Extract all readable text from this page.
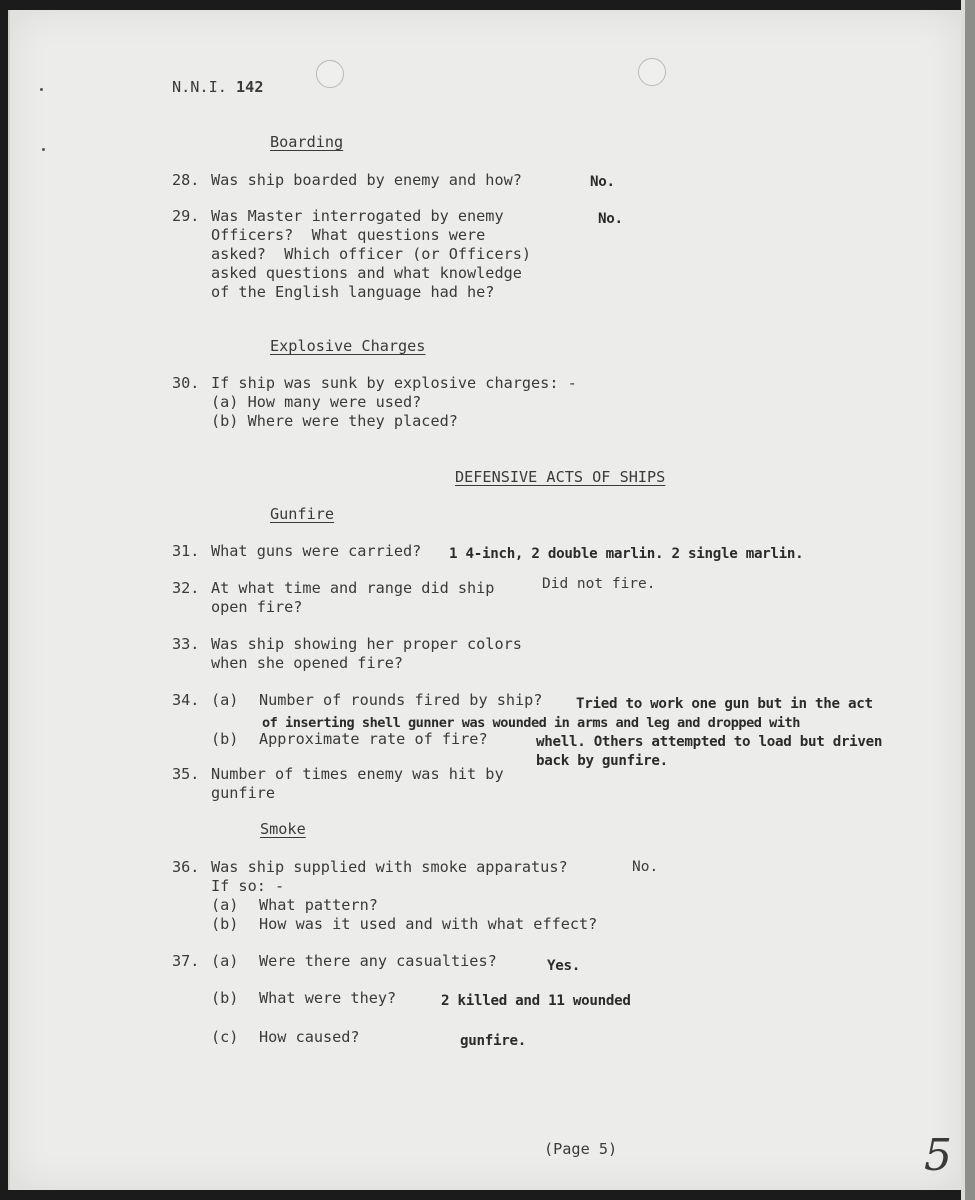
N.N.I. 142
Boarding
28. Was ship boarded by enemy and how?	No.
29. Was Master interrogated by enemy
Officers?  What questions were
asked?  Which officer (or Officers)
asked questions and what knowledge
of the English language had he?
No.
Explosive Charges
30. If ship was sunk by explosive charges: -
(a) How many were used?
(b) Where were they placed?
DEFENSIVE ACTS OF SHIPS
Gunfire
31. What guns were carried? 1 4-inch, 2 double marlin. 2 single marlin.
32. At what time and range did ship
open fire?
Did not fire.
33. Was ship showing her proper colors
when she opened fire?
34. (a) Number of rounds fired by ship?
(b) Approximate rate of fire?
Tried to work one gun but in the act
of inserting shell gunner was wounded in arms and leg and dropped with
whell. Others attempted to load but driven
back by gunfire.
35. Number of times enemy was hit by
gunfire
Smoke
36. Was ship supplied with smoke apparatus?	No.
If so: -
(a) What pattern?
(b) How was it used and with what effect?
37. (a) Were there any casualties?	Yes.
(b) What were they?	2 killed and 11 wounded
(c) How caused?	gunfire.
(Page 5)	5
